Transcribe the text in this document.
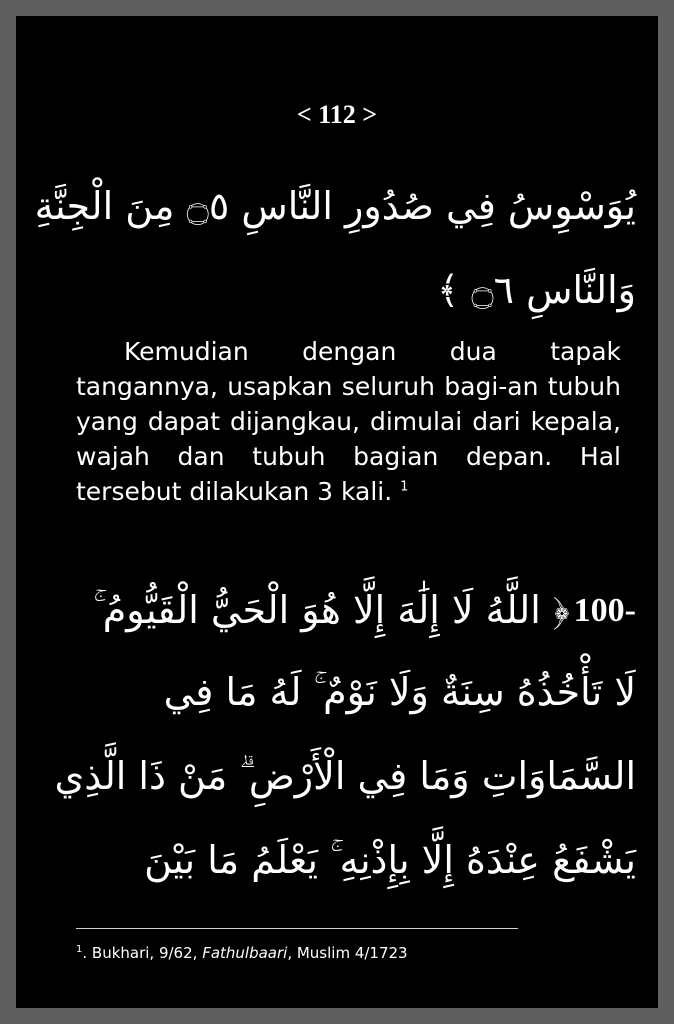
< 112 >
يُوَسْوِسُ فِي صُدُورِ النَّاسِ ۝٥ مِنَ الْجِنَّةِ
وَالنَّاسِ ۝٦ ﴾
Kemudian dengan dua tapak tangannya, usapkan seluruh bagi-an tubuh yang dapat dijangkau, dimulai dari kepala, wajah dan tubuh bagian depan. Hal tersebut dilakukan 3 kali. $^1$
100- ﴿ اللَّهُ لَا إِلَٰهَ إِلَّا هُوَ الْحَيُّ الْقَيُّومُ ۚ
لَا تَأْخُذُهُ سِنَةٌ وَلَا نَوْمٌ ۚ لَهُ مَا فِي
السَّمَاوَاتِ وَمَا فِي الْأَرْضِ ۗ مَنْ ذَا الَّذِي
يَشْفَعُ عِنْدَهُ إِلَّا بِإِذْنِهِ ۚ يَعْلَمُ مَا بَيْنَ
$^1$. Bukhari, 9/62, Fathulbaari, Muslim 4/1723
